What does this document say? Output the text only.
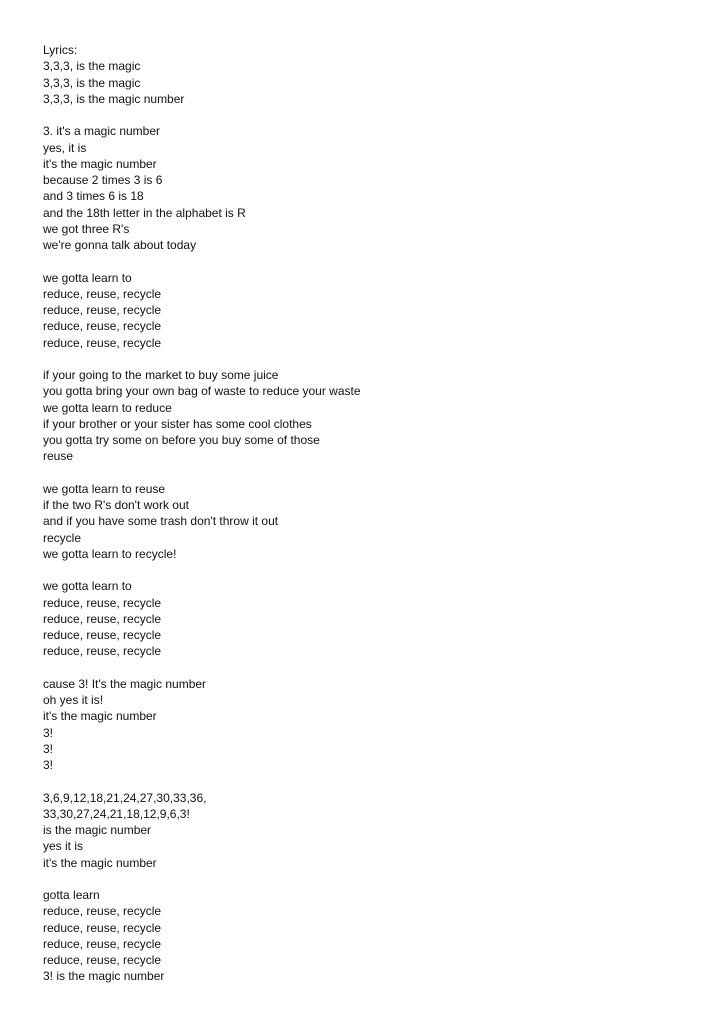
Lyrics:
3,3,3, is the magic
3,3,3, is the magic
3,3,3, is the magic number
3. it's a magic number
yes, it is
it's the magic number
because 2 times 3 is 6
and 3 times 6 is 18
and the 18th letter in the alphabet is R
we got three R's
we're gonna talk about today
we gotta learn to
reduce, reuse, recycle
reduce, reuse, recycle
reduce, reuse, recycle
reduce, reuse, recycle
if your going to the market to buy some juice
you gotta bring your own bag of waste to reduce your waste
we gotta learn to reduce
if your brother or your sister has some cool clothes
you gotta try some on before you buy some of those
reuse
we gotta learn to reuse
if the two R's don't work out
and if you have some trash don't throw it out
recycle
we gotta learn to recycle!
we gotta learn to
reduce, reuse, recycle
reduce, reuse, recycle
reduce, reuse, recycle
reduce, reuse, recycle
cause 3! It's the magic number
oh yes it is!
it's the magic number
3!
3!
3!
3,6,9,12,18,21,24,27,30,33,36,
33,30,27,24,21,18,12,9,6,3!
is the magic number
yes it is
it's the magic number
gotta learn
reduce, reuse, recycle
reduce, reuse, recycle
reduce, reuse, recycle
reduce, reuse, recycle
3! is the magic number
